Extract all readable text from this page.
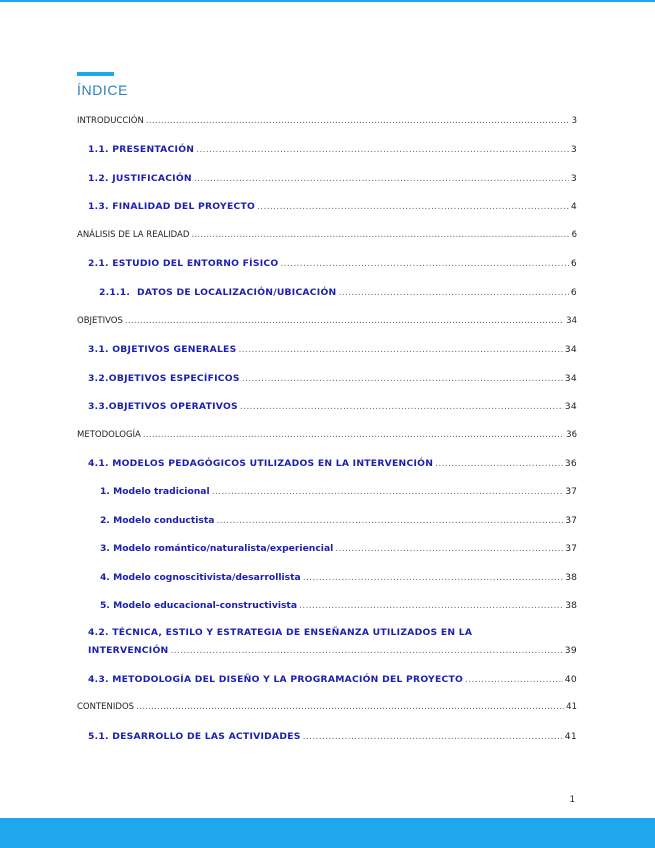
ÍNDICE
INTRODUCCIÓN .....	3
1.1. PRESENTACIÓN .....	3
1.2. JUSTIFICACIÓN .....	3
1.3. FINALIDAD DEL PROYECTO .....	4
ANÁLISIS DE LA REALIDAD .....	6
2.1. ESTUDIO DEL ENTORNO FÍSICO .....	6
2.1.1.  DATOS DE LOCALIZACIÓN/UBICACIÓN .....	6
OBJETIVOS .....	34
3.1. OBJETIVOS GENERALES .....	34
3.2.OBJETIVOS ESPECÍFICOS .....	34
3.3.OBJETIVOS OPERATIVOS .....	34
METODOLOGÍA .....	36
4.1. MODELOS PEDAGÓGICOS UTILIZADOS EN LA INTERVENCIÓN .....	36
1. Modelo tradicional .....	37
2. Modelo conductista .....	37
3. Modelo romántico/naturalista/experiencial .....	37
4. Modelo cognoscitivista/desarrollista .....	38
5. Modelo educacional-constructivista .....	38
4.2. TÉCNICA, ESTILO Y ESTRATEGIA DE ENSEÑANZA UTILIZADOS EN LA
INTERVENCIÓN .....	39
4.3. METODOLOGÍA DEL DISEÑO Y LA PROGRAMACIÓN DEL PROYECTO .....	40
CONTENIDOS .....	41
5.1. DESARROLLO DE LAS ACTIVIDADES .....	41
1
